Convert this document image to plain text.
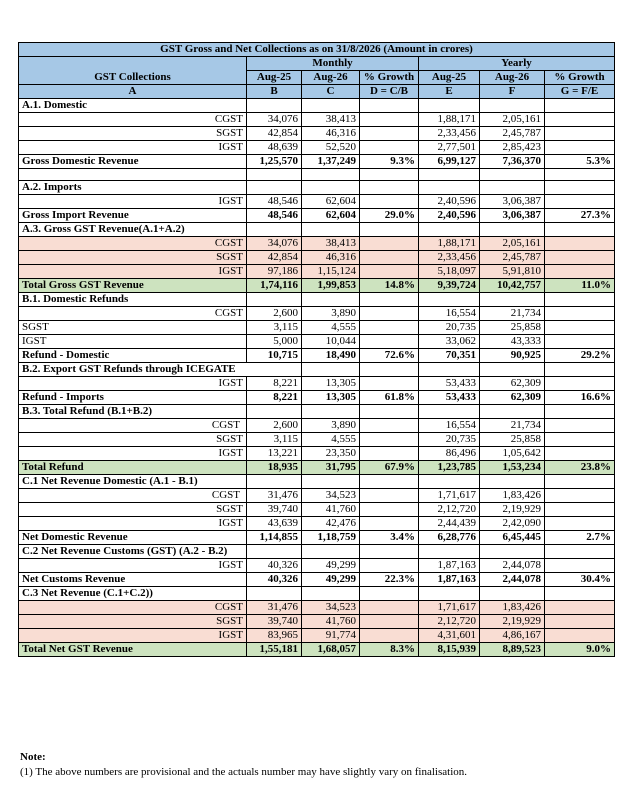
GST Gross and Net Collections as on 31/8/2026 (Amount in crores)						
	Monthly			Yearly		
GST Collections	Aug-25	Aug-26	% Growth	Aug-25	Aug-26	% Growth
A	B	C	D = C/B	E	F	G = F/E
A.1. Domestic						
CGST	34,076	38,413		1,88,171	2,05,161	
SGST	42,854	46,316		2,33,456	2,45,787	
IGST	48,639	52,520		2,77,501	2,85,423	
Gross Domestic Revenue	1,25,570	1,37,249	9.3%	6,99,127	7,36,370	5.3%

A.2. Imports						
IGST	48,546	62,604		2,40,596	3,06,387	
Gross Import Revenue	48,546	62,604	29.0%	2,40,596	3,06,387	27.3%
A.3. Gross GST Revenue(A.1+A.2)						
CGST	34,076	38,413		1,88,171	2,05,161	
SGST	42,854	46,316		2,33,456	2,45,787	
IGST	97,186	1,15,124		5,18,097	5,91,810	
Total Gross GST Revenue	1,74,116	1,99,853	14.8%	9,39,724	10,42,757	11.0%
B.1. Domestic Refunds						
CGST	2,600	3,890		16,554	21,734	
SGST	3,115	4,555		20,735	25,858	
IGST	5,000	10,044		33,062	43,333	
Refund - Domestic	10,715	18,490	72.6%	70,351	90,925	29.2%
B.2. Export GST Refunds through ICEGATE						
IGST	8,221	13,305		53,433	62,309	
Refund - Imports	8,221	13,305	61.8%	53,433	62,309	16.6%
B.3. Total Refund (B.1+B.2)						
CGST	2,600	3,890		16,554	21,734	
SGST	3,115	4,555		20,735	25,858	
IGST	13,221	23,350		86,496	1,05,642	
Total Refund	18,935	31,795	67.9%	1,23,785	1,53,234	23.8%
C.1 Net Revenue Domestic (A.1 - B.1)						
CGST	31,476	34,523		1,71,617	1,83,426	
SGST	39,740	41,760		2,12,720	2,19,929	
IGST	43,639	42,476		2,44,439	2,42,090	
Net Domestic Revenue	1,14,855	1,18,759	3.4%	6,28,776	6,45,445	2.7%
C.2 Net Revenue Customs (GST) (A.2 - B.2)						
IGST	40,326	49,299		1,87,163	2,44,078	
Net Customs Revenue	40,326	49,299	22.3%	1,87,163	2,44,078	30.4%
C.3 Net Revenue (C.1+C.2))						
CGST	31,476	34,523		1,71,617	1,83,426	
SGST	39,740	41,760		2,12,720	2,19,929	
IGST	83,965	91,774		4,31,601	4,86,167	
Total Net GST Revenue	1,55,181	1,68,057	8.3%	8,15,939	8,89,523	9.0%
Note:
(1) The above numbers are provisional and the actuals number may have slightly vary on finalisation.
